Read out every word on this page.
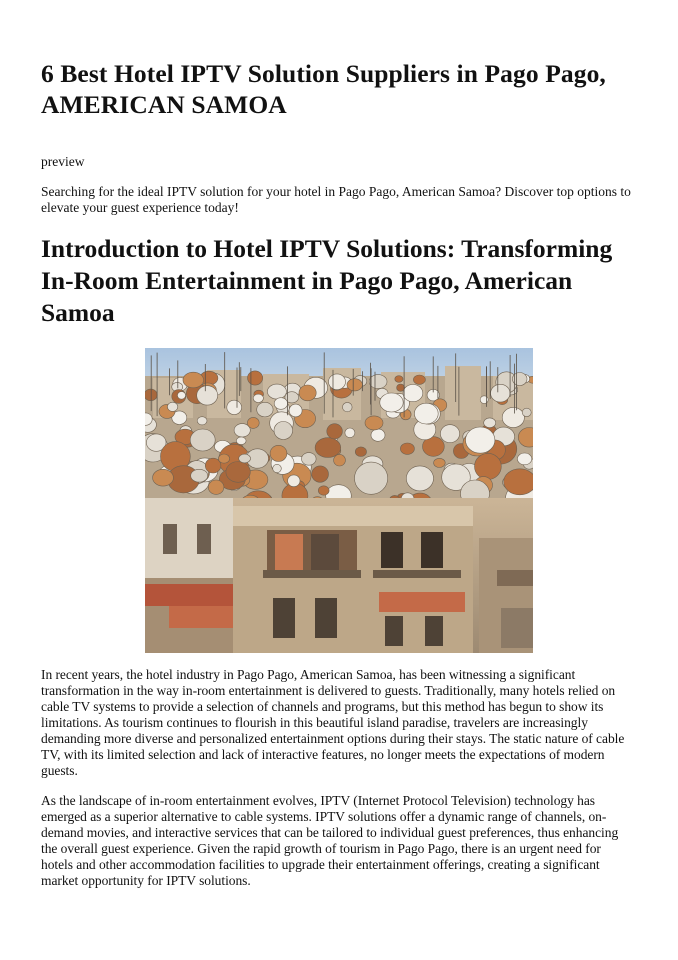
6 Best Hotel IPTV Solution Suppliers in Pago Pago, AMERICAN SAMOA

preview

Searching for the ideal IPTV solution for your hotel in Pago Pago, American Samoa? Discover top options to elevate your guest experience today!

Introduction to Hotel IPTV Solutions: Transforming In-Room Entertainment in Pago Pago, American Samoa

In recent years, the hotel industry in Pago Pago, American Samoa, has been witnessing a significant transformation in the way in-room entertainment is delivered to guests. Traditionally, many hotels relied on cable TV systems to provide a selection of channels and programs, but this method has begun to show its limitations. As tourism continues to flourish in this beautiful island paradise, travelers are increasingly demanding more diverse and personalized entertainment options during their stays. The static nature of cable TV, with its limited selection and lack of interactive features, no longer meets the expectations of modern guests.

As the landscape of in-room entertainment evolves, IPTV (Internet Protocol Television) technology has emerged as a superior alternative to cable systems. IPTV solutions offer a dynamic range of channels, on-demand movies, and interactive services that can be tailored to individual guest preferences, thus enhancing the overall guest experience. Given the rapid growth of tourism in Pago Pago, there is an urgent need for hotels and other accommodation facilities to upgrade their entertainment offerings, creating a significant market opportunity for IPTV solutions.
